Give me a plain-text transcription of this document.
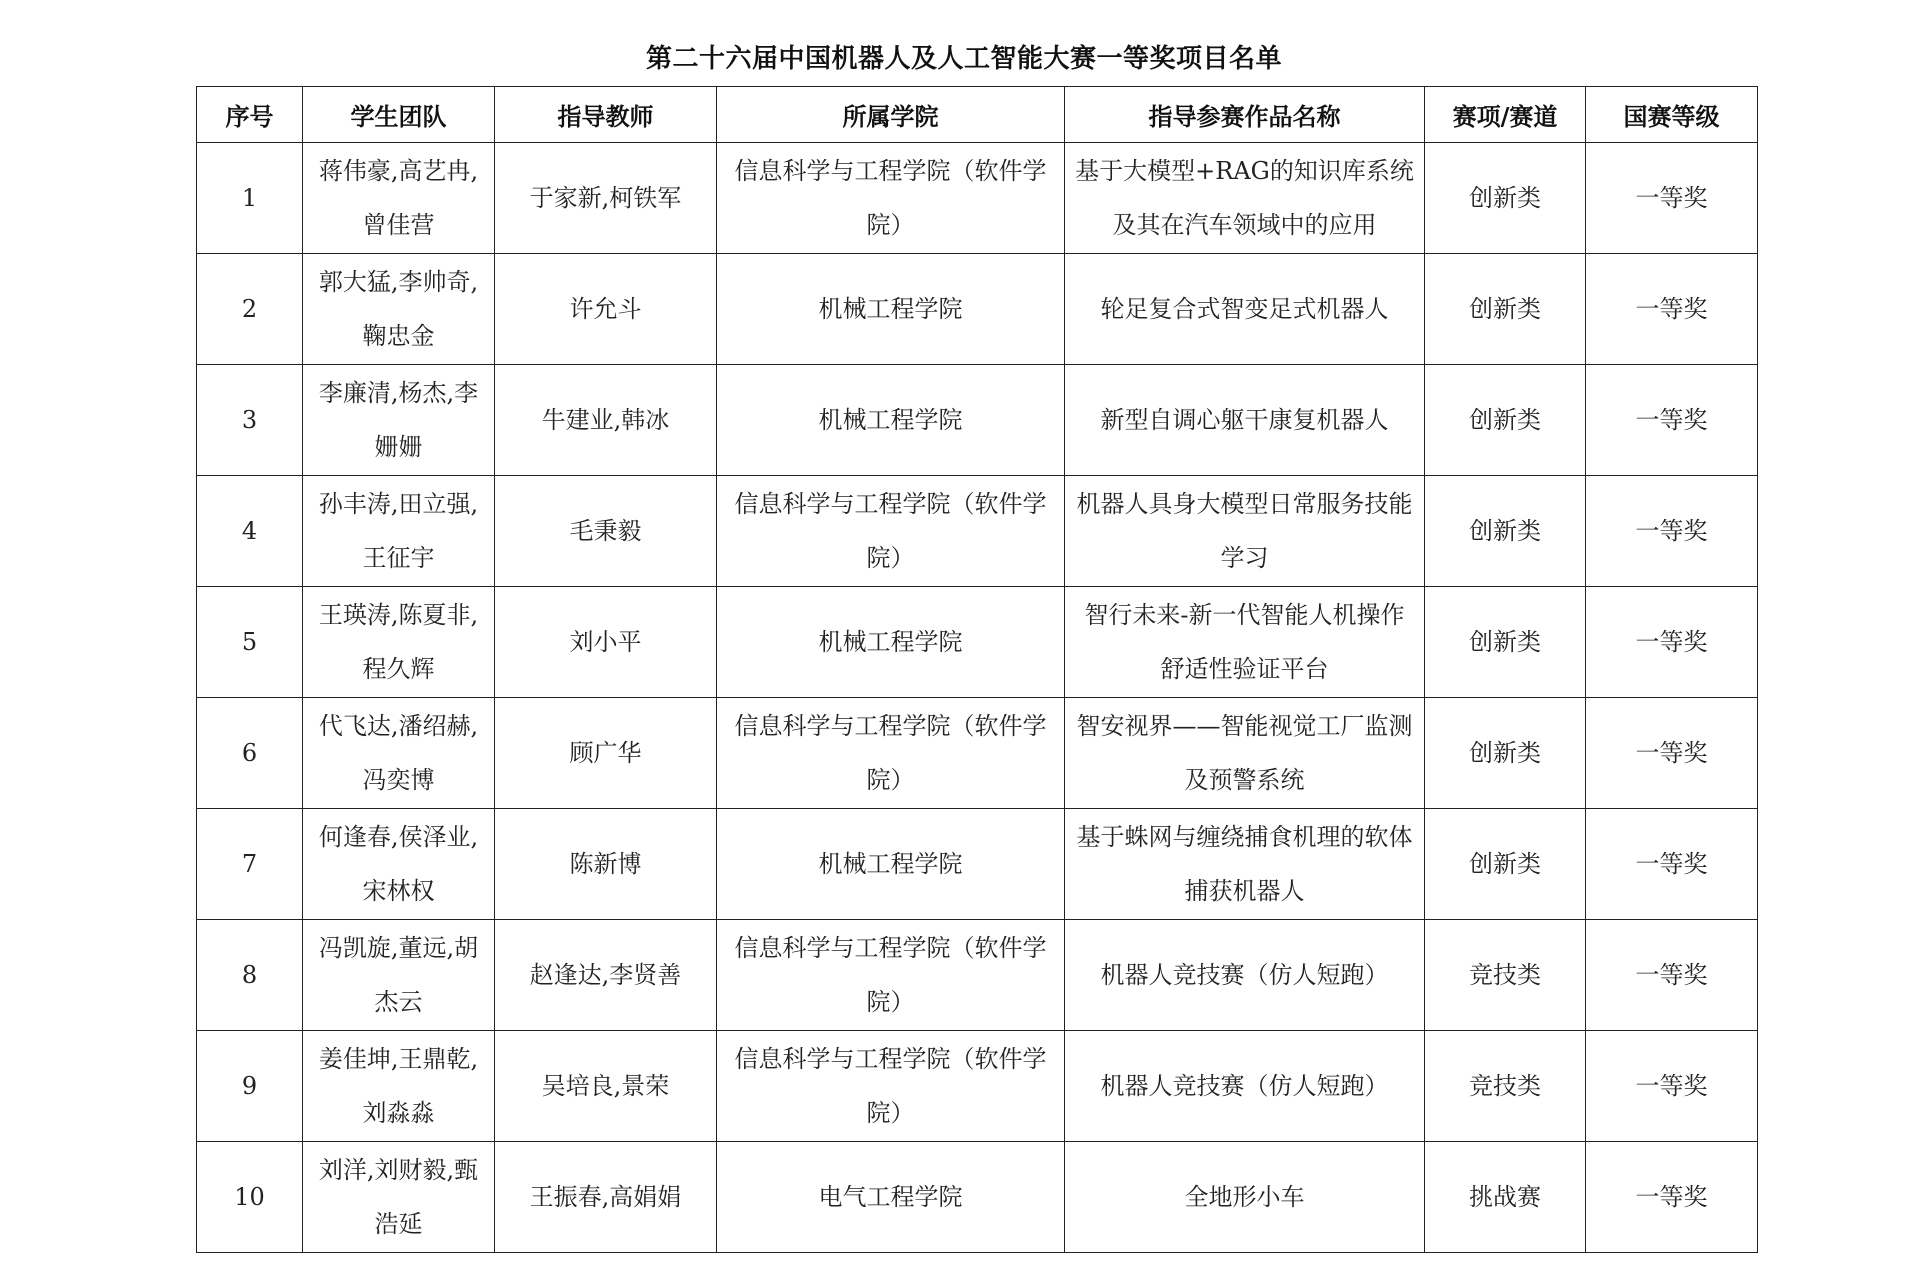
第二十六届中国机器人及人工智能大赛一等奖项目名单
序号	学生团队	指导教师	所属学院	指导参赛作品名称	赛项/赛道	国赛等级
1	蒋伟豪,高艺冉,曾佳营	于家新,柯铁军	信息科学与工程学院（软件学院）	基于大模型+RAG的知识库系统及其在汽车领域中的应用	创新类	一等奖
2	郭大猛,李帅奇,鞠忠金	许允斗	机械工程学院	轮足复合式智变足式机器人	创新类	一等奖
3	李廉清,杨杰,李姗姗	牛建业,韩冰	机械工程学院	新型自调心躯干康复机器人	创新类	一等奖
4	孙丰涛,田立强,王征宇	毛秉毅	信息科学与工程学院（软件学院）	机器人具身大模型日常服务技能学习	创新类	一等奖
5	王瑛涛,陈夏非,程久辉	刘小平	机械工程学院	智行未来-新一代智能人机操作舒适性验证平台	创新类	一等奖
6	代飞达,潘绍赫,冯奕博	顾广华	信息科学与工程学院（软件学院）	智安视界——智能视觉工厂监测及预警系统	创新类	一等奖
7	何逢春,侯泽业,宋林权	陈新博	机械工程学院	基于蛛网与缠绕捕食机理的软体捕获机器人	创新类	一等奖
8	冯凯旋,董远,胡杰云	赵逢达,李贤善	信息科学与工程学院（软件学院）	机器人竞技赛（仿人短跑）	竞技类	一等奖
9	姜佳坤,王鼎乾,刘淼淼	吴培良,景荣	信息科学与工程学院（软件学院）	机器人竞技赛（仿人短跑）	竞技类	一等奖
10	刘洋,刘财毅,甄浩延	王振春,高娟娟	电气工程学院	全地形小车	挑战赛	一等奖
